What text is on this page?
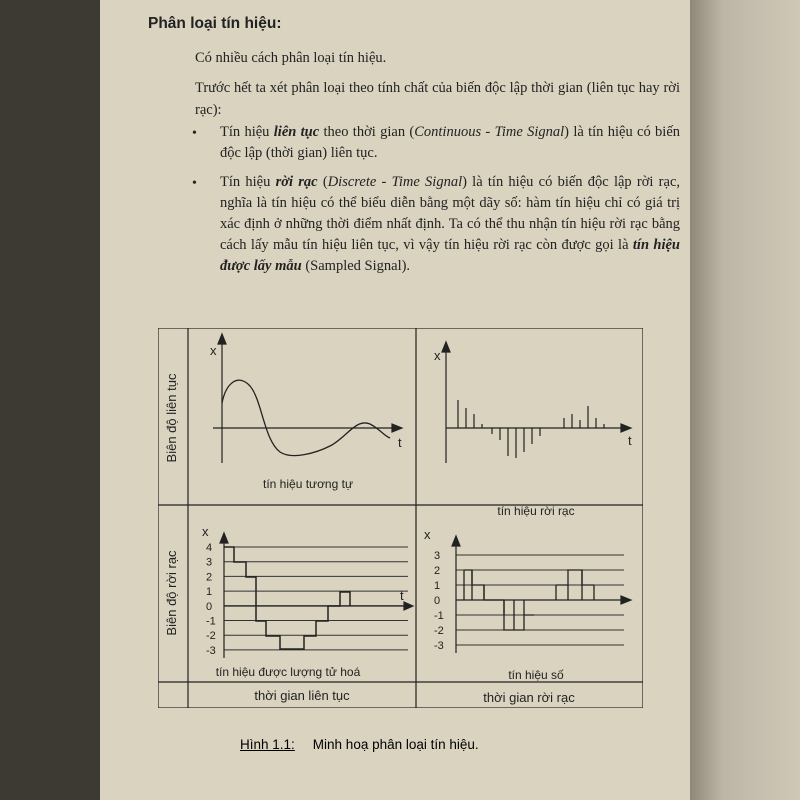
Phân loại tín hiệu:
Có nhiều cách phân loại tín hiệu.
Trước hết ta xét phân loại theo tính chất của biến độc lập thời gian (liên tục hay rời rạc):
• Tín hiệu liên tục theo thời gian (Continuous - Time Signal) là tín hiệu có biến độc lập (thời gian) liên tục.
• Tín hiệu rời rạc (Discrete - Time Signal) là tín hiệu có biến độc lập rời rạc, nghĩa là tín hiệu có thể biểu diễn bằng một dãy số: hàm tín hiệu chỉ có giá trị xác định ở những thời điểm nhất định. Ta có thể thu nhận tín hiệu rời rạc bằng cách lấy mẫu tín hiệu liên tục, vì vậy tín hiệu rời rạc còn được gọi là tín hiệu được lấy mẫu (Sampled Signal).
Biên độ liên tục
Biên độ rời rạc
thời gian liên tục	thời gian rời rạc
x
t
tín hiệu tương tự
x
t
tín hiệu rời rạc
x
t
4
3
2
1
0
-1
-2
-3
tín hiệu được lượng tử hoá
x
3
2
1
0
-1
-2
-3
tín hiệu số
Hình 1.1: Minh hoạ phân loại tín hiệu.
